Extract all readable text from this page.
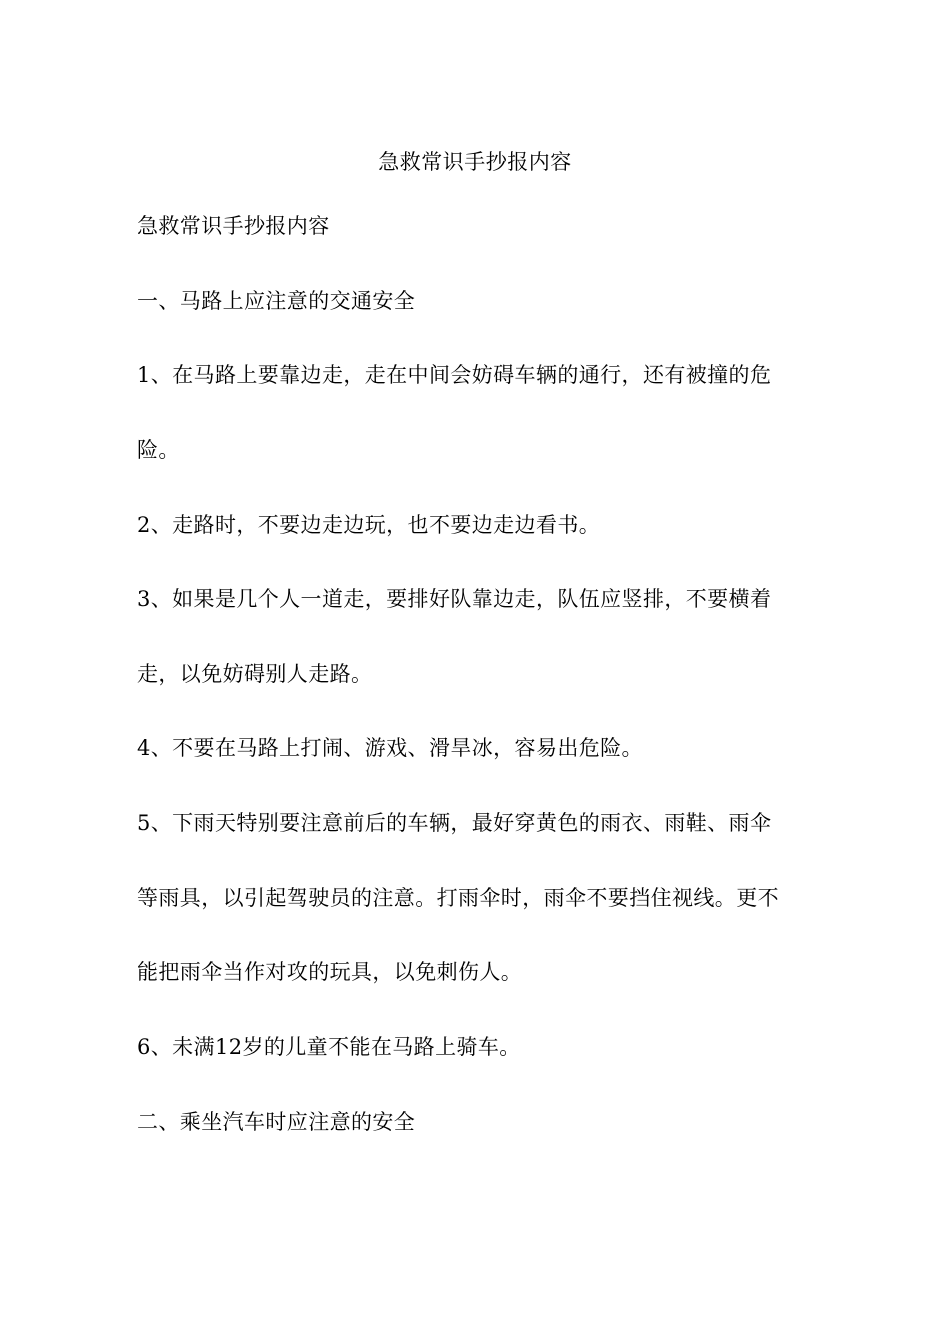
急救常识手抄报内容
急救常识手抄报内容
一、马路上应注意的交通安全
1、在马路上要靠边走，走在中间会妨碍车辆的通行，还有被撞的危
险。
2、走路时，不要边走边玩，也不要边走边看书。
3、如果是几个人一道走，要排好队靠边走，队伍应竖排，不要横着
走，以免妨碍别人走路。
4、不要在马路上打闹、游戏、滑旱冰，容易出危险。
5、下雨天特别要注意前后的车辆，最好穿黄色的雨衣、雨鞋、雨伞
等雨具，以引起驾驶员的注意。打雨伞时，雨伞不要挡住视线。更不
能把雨伞当作对攻的玩具，以免刺伤人。
6、未满12岁的儿童不能在马路上骑车。
二、乘坐汽车时应注意的安全
